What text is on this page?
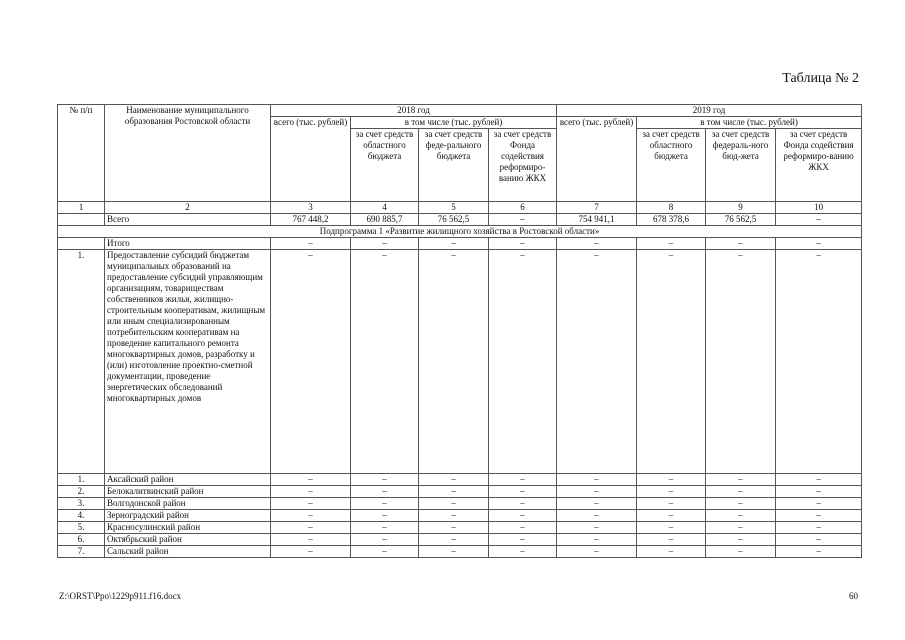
Таблица № 2
№ п/п	Наименование муниципального образования Ростовской области	2018 год				2019 год			
		всего (тыс. рублей)	в том числе (тыс. рублей)			всего (тыс. рублей)	в том числе (тыс. рублей)		
			за счет средств областного бюджета	за счет средств феде-рального бюджета	за счет средств Фонда содействия реформиро-ванию ЖКХ		за счет средств областного бюджета	за счет средств федераль-ного бюд-жета	за счет средств Фонда содействия реформиро-ванию ЖКХ
1	2	3	4	5	6	7	8	9	10
	Всего	767 448,2	690 885,7	76 562,5	–	754 941,1	678 378,6	76 562,5	–
Подпрограмма 1 «Развитие жилищного хозяйства в Ростовской области»									
	Итого	–	–	–	–	–	–	–	–
1.	Предоставление субсидий бюджетам муниципальных образований на предоставление субсидий управляющим организациям, товариществам собственников жилья, жилищно-строительным кооперативам, жилищным или иным специализированным потребительским кооперативам на проведение капитального ремонта многоквартирных домов, разработку и (или) изготовление проектно-сметной документации, проведение энергетических обследований многоквартирных домов	–	–	–	–	–	–	–	–
1.	Аксайский район	–	–	–	–	–	–	–	–
2.	Белокалитвинский район	–	–	–	–	–	–	–	–
3.	Волгодонской район	–	–	–	–	–	–	–	–
4.	Зерноградский район	–	–	–	–	–	–	–	–
5.	Красносулинский район	–	–	–	–	–	–	–	–
6.	Октябрьский район	–	–	–	–	–	–	–	–
7.	Сальский район	–	–	–	–	–	–	–	–
Z:\ORST\Ppo\1229p911.f16.docx	60
